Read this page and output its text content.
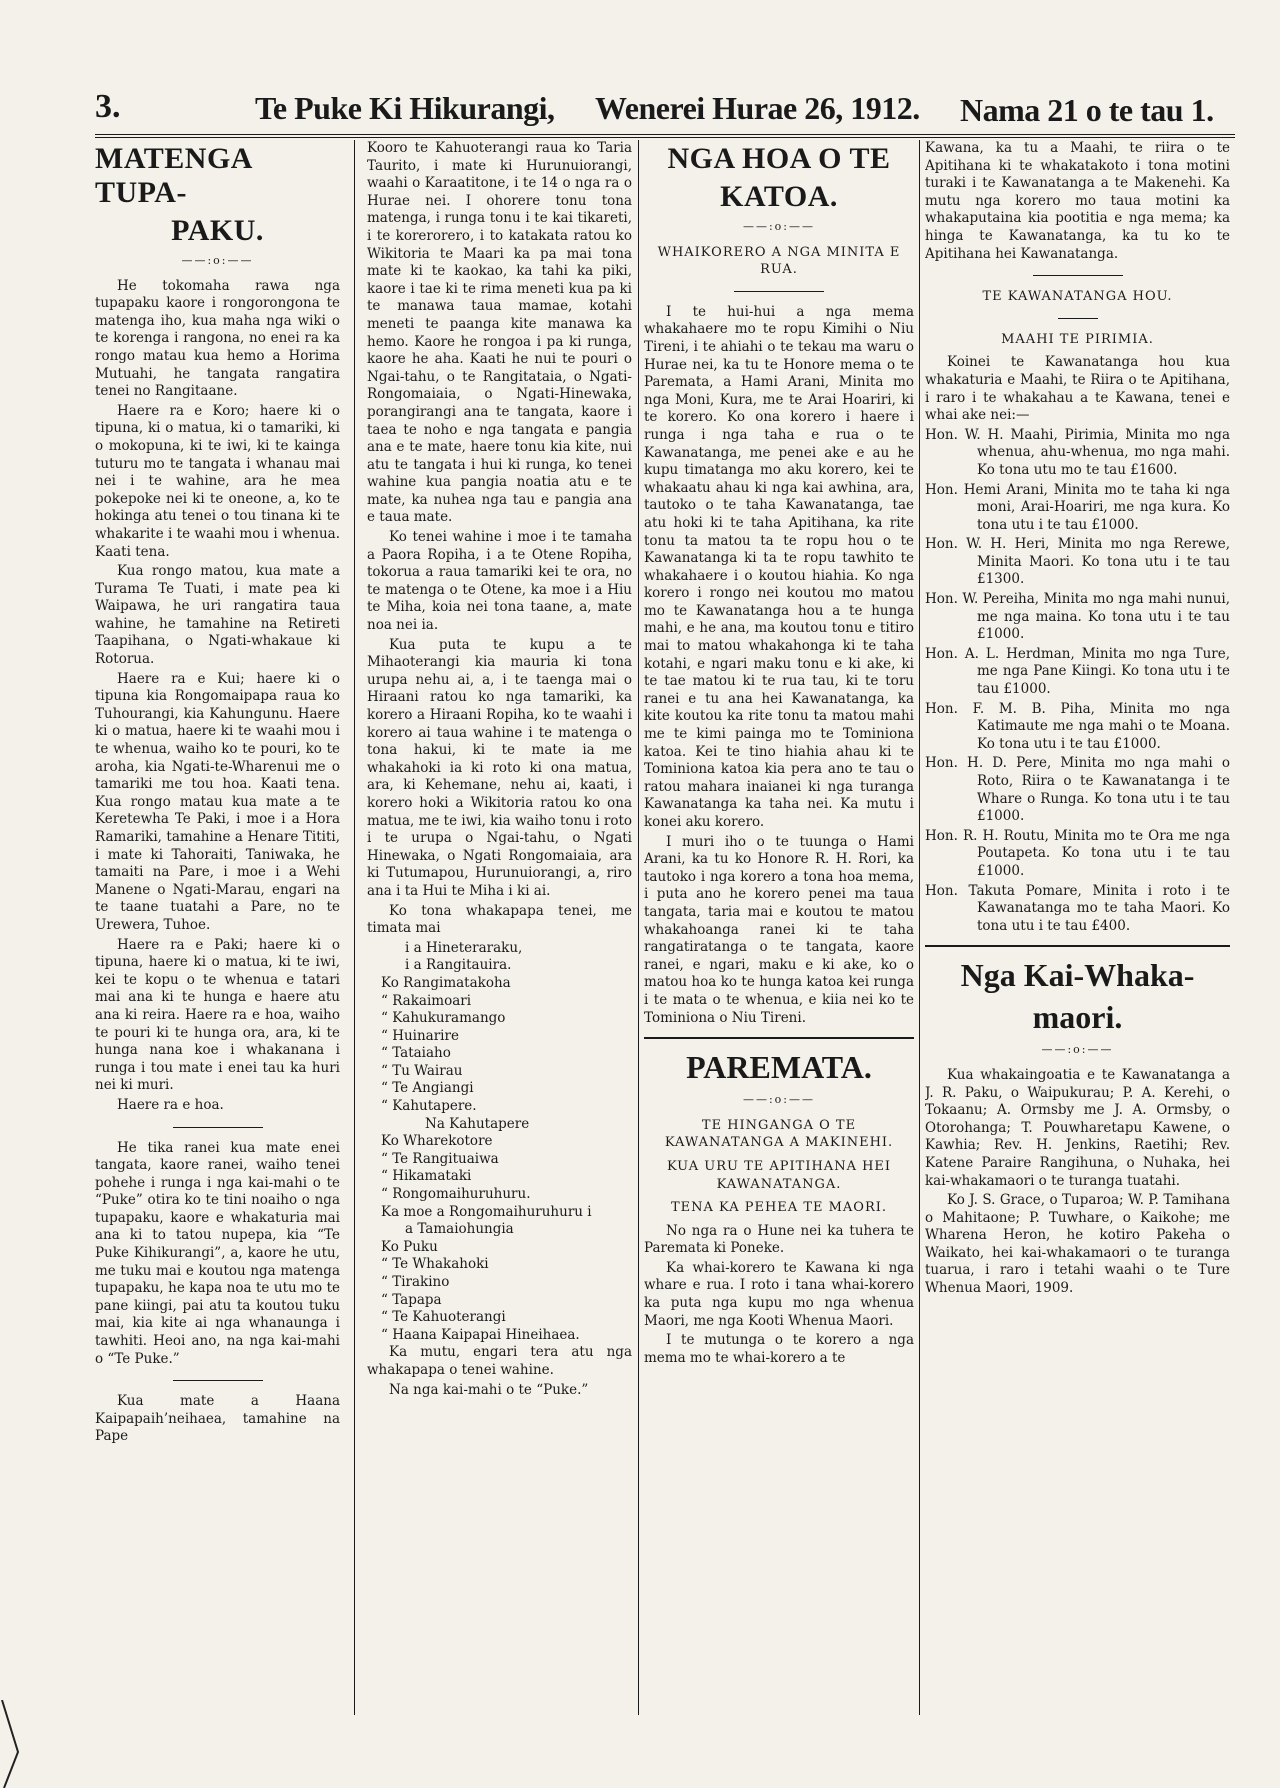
3.	Te Puke Ki Hikurangi, Wenerei Hurae 26, 1912. Nama 21 o te tau 1.
MATENGA TUPA-
PAKU.
——:o:——

He tokomaha rawa nga tupapaku kaore i rongorongona te matenga iho, kua maha nga wiki o te korenga i rangona, no enei ra ka rongo matau kua hemo a Horima Mutuahi, he tangata rangatira tenei no Rangitaane.

Haere ra e Koro; haere ki o tipuna, ki o matua, ki o tamariki, ki o mokopuna, ki te iwi, ki te kainga tuturu mo te tangata i whanau mai nei i te wahine, ara he mea pokepoke nei ki te oneone, a, ko te hokinga atu tenei o tou tinana ki te whakarite i te waahi mou i whenua. Kaati tena.

Kua rongo matou, kua mate a Turama Te Tuati, i mate pea ki Waipawa, he uri rangatira taua wahine, he tamahine na Retireti Taapihana, o Ngati-whakaue ki Rotorua.

Haere ra e Kui; haere ki o tipuna kia Rongomaipapa raua ko Tuhourangi, kia Kahungunu. Haere ki o matua, haere ki te waahi mou i te whenua, waiho ko te pouri, ko te aroha, kia Ngati-te-Wharenui me o tamariki me tou hoa. Kaati tena. Kua rongo matau kua mate a te Keretewha Te Paki, i moe i a Hora Ramariki, tamahine a Henare Tititi, i mate ki Tahoraiti, Taniwaka, he tamaiti na Pare, i moe i a Wehi Manene o Ngati-Marau, engari na te taane tuatahi a Pare, no te Urewera, Tuhoe.

Haere ra e Paki; haere ki o tipuna, haere ki o matua, ki te iwi, kei te kopu o te whenua e tatari mai ana ki te hunga e haere atu ana ki reira. Haere ra e hoa, waiho te pouri ki te hunga ora, ara, ki te hunga nana koe i whakanana i runga i tou mate i enei tau ka huri nei ki muri.

Haere ra e hoa.

He tika ranei kua mate enei tangata, kaore ranei, waiho tenei pohehe i runga i nga kai-mahi o te “Puke” otira ko te tini noaiho o nga tupapaku, kaore e whakaturia mai ana ki to tatou nupepa, kia “Te Puke Kihikurangi”, a, kaore he utu, me tuku mai e koutou nga matenga tupapaku, he kapa noa te utu mo te pane kiingi, pai atu ta koutou tuku mai, kia kite ai nga whanaunga i tawhiti. Heoi ano, na nga kai-mahi o “Te Puke.”

Kua mate a Haana Kaipapaih’neihaea, tamahine na Pape

Kooro te Kahuoterangi raua ko Taria Taurito, i mate ki Hurunuiorangi, waahi o Karaatitone, i te 14 o nga ra o Hurae nei. I ohorere tonu tona matenga, i runga tonu i te kai tikareti, i te korerorero, i to katakata ratou ko Wikitoria te Maari ka pa mai tona mate ki te kaokao, ka tahi ka piki, kaore i tae ki te rima meneti kua pa ki te manawa taua mamae, kotahi meneti te paanga kite manawa ka hemo. Kaore he rongoa i pa ki runga, kaore he aha. Kaati he nui te pouri o Ngai-tahu, o te Rangitataia, o Ngati-Rongomaiaia, o Ngati-Hinewaka, porangirangi ana te tangata, kaore i taea te noho e nga tangata e pangia ana e te mate, haere tonu kia kite, nui atu te tangata i hui ki runga, ko tenei wahine kua pangia noatia atu e te mate, ka nuhea nga tau e pangia ana e taua mate.

Ko tenei wahine i moe i te tamaha a Paora Ropiha, i a te Otene Ropiha, tokorua a raua tamariki kei te ora, no te matenga o te Otene, ka moe i a Hiu te Miha, koia nei tona taane, a, mate noa nei ia.

Kua puta te kupu a te Mihaoterangi kia mauria ki tona urupa nehu ai, a, i te taenga mai o Hiraani ratou ko nga tamariki, ka korero a Hiraani Ropiha, ko te waahi i korero ai taua wahine i te matenga o tona hakui, ki te mate ia me whakahoki ia ki roto ki ona matua, ara, ki Kehemane, nehu ai, kaati, i korero hoki a Wikitoria ratou ko ona matua, me te iwi, kia waiho tonu i roto i te urupa o Ngai-tahu, o Ngati Hinewaka, o Ngati Rongomaiaia, ara ki Tutumapou, Hurunuiorangi, a, riro ana i ta Hui te Miha i ki ai.

Ko tona whakapapa tenei, me timata mai

i a Hineteraraku,
i a Rangitauira.
Ko Rangimatakoha
“ Rakaimoari
“ Kahukuramango
“ Huinarire
“ Tataiaho
“ Tu Wairau
“ Te Angiangi
“ Kahutapere.
Na Kahutapere
Ko Wharekotore
“ Te Rangituaiwa
“ Hikamataki
“ Rongomaihuruhuru.
Ka moe a Rongomaihuruhuru i
a Tamaiohungia
Ko Puku
“ Te Whakahoki
“ Tirakino
“ Tapapa
“ Te Kahuoterangi
“ Haana Kaipapai Hineihaea.

Ka mutu, engari tera atu nga whakapapa o tenei wahine.

Na nga kai-mahi o te “Puke.”

NGA HOA O TE
KATOA.
——:o:——
WHAIKORERO A NGA MINITA E RUA.

I te hui-hui a nga mema whakahaere mo te ropu Kimihi o Niu Tireni, i te ahiahi o te tekau ma waru o Hurae nei, ka tu te Honore mema o te Paremata, a Hami Arani, Minita mo nga Moni, Kura, me te Arai Hoariri, ki te korero. Ko ona korero i haere i runga i nga taha e rua o te Kawanatanga, me penei ake e au he kupu timatanga mo aku korero, kei te whakaatu ahau ki nga kai awhina, ara, tautoko o te taha Kawanatanga, tae atu hoki ki te taha Apitihana, ka rite tonu ta matou ta te ropu hou o te Kawanatanga ki ta te ropu tawhito te whakahaere i o koutou hiahia. Ko nga korero i rongo nei koutou mo matou mo te Kawanatanga hou a te hunga mahi, e he ana, ma koutou tonu e titiro mai to matou whakahonga ki te taha kotahi, e ngari maku tonu e ki ake, ki te tae matou ki te rua tau, ki te toru ranei e tu ana hei Kawanatanga, ka kite koutou ka rite tonu ta matou mahi me te kimi painga mo te Tominiona katoa. Kei te tino hiahia ahau ki te Tominiona katoa kia pera ano te tau o ratou mahara inaianei ki nga turanga Kawanatanga ka taha nei. Ka mutu i konei aku korero.

I muri iho o te tuunga o Hami Arani, ka tu ko Honore R. H. Rori, ka tautoko i nga korero a tona hoa mema, i puta ano he korero penei ma taua tangata, taria mai e koutou te matou whakahoanga ranei ki te taha rangatiratanga o te tangata, kaore ranei, e ngari, maku e ki ake, ko o matou hoa ko te hunga katoa kei runga i te mata o te whenua, e kiia nei ko te Tominiona o Niu Tireni.

PAREMATA.
——:o:——
TE HINGANGA O TE KAWANATANGA A MAKINEHI.
KUA URU TE APITIHANA HEI KAWANATANGA.
TENA KA PEHEA TE MAORI.

No nga ra o Hune nei ka tuhera te Paremata ki Poneke.

Ka whai-korero te Kawana ki nga whare e rua. I roto i tana whai-korero ka puta nga kupu mo nga whenua Maori, me nga Kooti Whenua Maori.

I te mutunga o te korero a nga mema mo te whai-korero a te

Kawana, ka tu a Maahi, te riira o te Apitihana ki te whakatakoto i tona motini turaki i te Kawanatanga a te Makenehi. Ka mutu nga korero mo taua motini ka whakaputaina kia pootitia e nga mema; ka hinga te Kawanatanga, ka tu ko te Apitihana hei Kawanatanga.

TE KAWANATANGA HOU.
MAAHI TE PIRIMIA.

Koinei te Kawanatanga hou kua whakaturia e Maahi, te Riira o te Apitihana, i raro i te whakahau a te Kawana, tenei e whai ake nei:—

Hon. W. H. Maahi, Pirimia, Minita mo nga whenua, ahu-whenua, mo nga mahi. Ko tona utu mo te tau £1600.
Hon. Hemi Arani, Minita mo te taha ki nga moni, Arai-Hoariri, me nga kura. Ko tona utu i te tau £1000.
Hon. W. H. Heri, Minita mo nga Rerewe, Minita Maori. Ko tona utu i te tau £1300.
Hon. W. Pereiha, Minita mo nga mahi nunui, me nga maina. Ko tona utu i te tau £1000.
Hon. A. L. Herdman, Minita mo nga Ture, me nga Pane Kiingi. Ko tona utu i te tau £1000.
Hon. F. M. B. Piha, Minita mo nga Katimaute me nga mahi o te Moana. Ko tona utu i te tau £1000.
Hon. H. D. Pere, Minita mo nga mahi o Roto, Riira o te Kawanatanga i te Whare o Runga. Ko tona utu i te tau £1000.
Hon. R. H. Routu, Minita mo te Ora me nga Poutapeta. Ko tona utu i te tau £1000.
Hon. Takuta Pomare, Minita i roto i te Kawanatanga mo te taha Maori. Ko tona utu i te tau £400.
Nga Kai-Whaka-
maori.
——:o:——

Kua whakaingoatia e te Kawanatanga a J. R. Paku, o Waipukurau; P. A. Kerehi, o Tokaanu; A. Ormsby me J. A. Ormsby, o Otorohanga; T. Pouwharetapu Kawene, o Kawhia; Rev. H. Jenkins, Raetihi; Rev. Katene Paraire Rangihuna, o Nuhaka, hei kai-whakamaori o te turanga tuatahi.

Ko J. S. Grace, o Tuparoa; W. P. Tamihana o Mahitaone; P. Tuwhare, o Kaikohe; me Wharena Heron, he kotiro Pakeha o Waikato, hei kai-whakamaori o te turanga tuarua, i raro i tetahi waahi o te Ture Whenua Maori, 1909.
